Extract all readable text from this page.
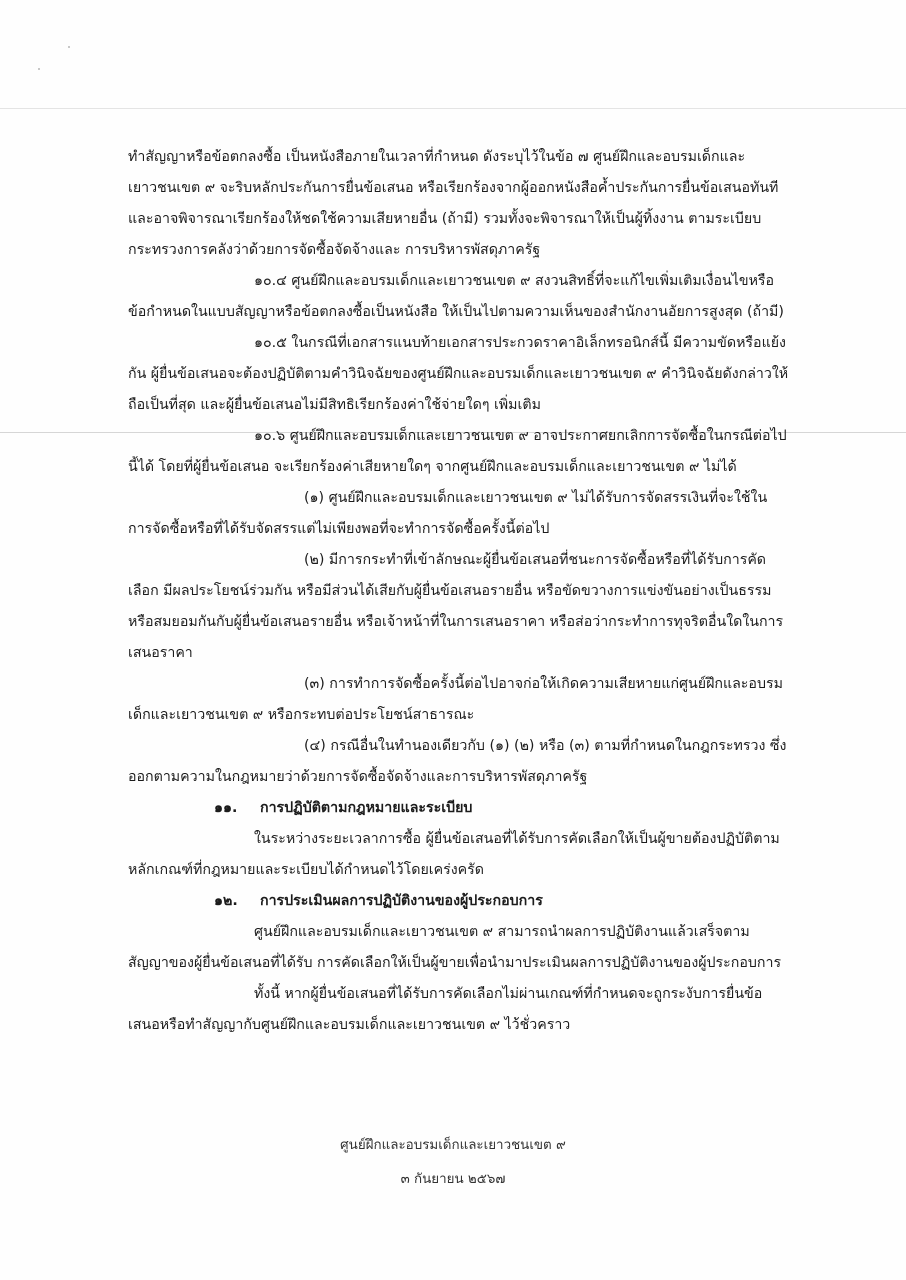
ทำสัญญาหรือข้อตกลงซื้อ เป็นหนังสือภายในเวลาที่กำหนด ดังระบุไว้ในข้อ ๗ ศูนย์ฝึกและอบรมเด็กและเยาวชนเขต ๙ จะริบหลักประกันการยื่นข้อเสนอ หรือเรียกร้องจากผู้ออกหนังสือค้ำประกันการยื่นข้อเสนอทันที และอาจพิจารณาเรียกร้องให้ชดใช้ความเสียหายอื่น (ถ้ามี) รวมทั้งจะพิจารณาให้เป็นผู้ทิ้งงาน ตามระเบียบกระทรวงการคลังว่าด้วยการจัดซื้อจัดจ้างและ การบริหารพัสดุภาครัฐ

๑๐.๔ ศูนย์ฝึกและอบรมเด็กและเยาวชนเขต ๙ สงวนสิทธิ์ที่จะแก้ไขเพิ่มเติมเงื่อนไขหรือข้อกำหนดในแบบสัญญาหรือข้อตกลงซื้อเป็นหนังสือ ให้เป็นไปตามความเห็นของสำนักงานอัยการสูงสุด (ถ้ามี)

๑๐.๕ ในกรณีที่เอกสารแนบท้ายเอกสารประกวดราคาอิเล็กทรอนิกส์นี้ มีความขัดหรือแย้งกัน ผู้ยื่นข้อเสนอจะต้องปฏิบัติตามคำวินิจฉัยของศูนย์ฝึกและอบรมเด็กและเยาวชนเขต ๙ คำวินิจฉัยดังกล่าวให้ถือเป็นที่สุด และผู้ยื่นข้อเสนอไม่มีสิทธิเรียกร้องค่าใช้จ่ายใดๆ เพิ่มเติม

๑๐.๖ ศูนย์ฝึกและอบรมเด็กและเยาวชนเขต ๙ อาจประกาศยกเลิกการจัดซื้อในกรณีต่อไปนี้ได้ โดยที่ผู้ยื่นข้อเสนอ จะเรียกร้องค่าเสียหายใดๆ จากศูนย์ฝึกและอบรมเด็กและเยาวชนเขต ๙ ไม่ได้

(๑) ศูนย์ฝึกและอบรมเด็กและเยาวชนเขต ๙ ไม่ได้รับการจัดสรรเงินที่จะใช้ในการจัดซื้อหรือที่ได้รับจัดสรรแต่ไม่เพียงพอที่จะทำการจัดซื้อครั้งนี้ต่อไป

(๒) มีการกระทำที่เข้าลักษณะผู้ยื่นข้อเสนอที่ชนะการจัดซื้อหรือที่ได้รับการคัดเลือก มีผลประโยชน์ร่วมกัน หรือมีส่วนได้เสียกับผู้ยื่นข้อเสนอรายอื่น หรือขัดขวางการแข่งขันอย่างเป็นธรรม หรือสมยอมกันกับผู้ยื่นข้อเสนอรายอื่น หรือเจ้าหน้าที่ในการเสนอราคา หรือส่อว่ากระทำการทุจริตอื่นใดในการเสนอราคา

(๓) การทำการจัดซื้อครั้งนี้ต่อไปอาจก่อให้เกิดความเสียหายแก่ศูนย์ฝึกและอบรมเด็กและเยาวชนเขต ๙ หรือกระทบต่อประโยชน์สาธารณะ

(๔) กรณีอื่นในทำนองเดียวกับ (๑) (๒) หรือ (๓) ตามที่กำหนดในกฎกระทรวง ซึ่งออกตามความในกฎหมายว่าด้วยการจัดซื้อจัดจ้างและการบริหารพัสดุภาครัฐ

๑๑. การปฏิบัติตามกฎหมายและระเบียบ

ในระหว่างระยะเวลาการซื้อ ผู้ยื่นข้อเสนอที่ได้รับการคัดเลือกให้เป็นผู้ขายต้องปฏิบัติตามหลักเกณฑ์ที่กฎหมายและระเบียบได้กำหนดไว้โดยเคร่งครัด

๑๒. การประเมินผลการปฏิบัติงานของผู้ประกอบการ

ศูนย์ฝึกและอบรมเด็กและเยาวชนเขต ๙ สามารถนำผลการปฏิบัติงานแล้วเสร็จตามสัญญาของผู้ยื่นข้อเสนอที่ได้รับ การคัดเลือกให้เป็นผู้ขายเพื่อนำมาประเมินผลการปฏิบัติงานของผู้ประกอบการ

ทั้งนี้ หากผู้ยื่นข้อเสนอที่ได้รับการคัดเลือกไม่ผ่านเกณฑ์ที่กำหนดจะถูกระงับการยื่นข้อเสนอหรือทำสัญญากับศูนย์ฝึกและอบรมเด็กและเยาวชนเขต ๙ ไว้ชั่วคราว

ศูนย์ฝึกและอบรมเด็กและเยาวชนเขต ๙
๓ กันยายน ๒๕๖๗
